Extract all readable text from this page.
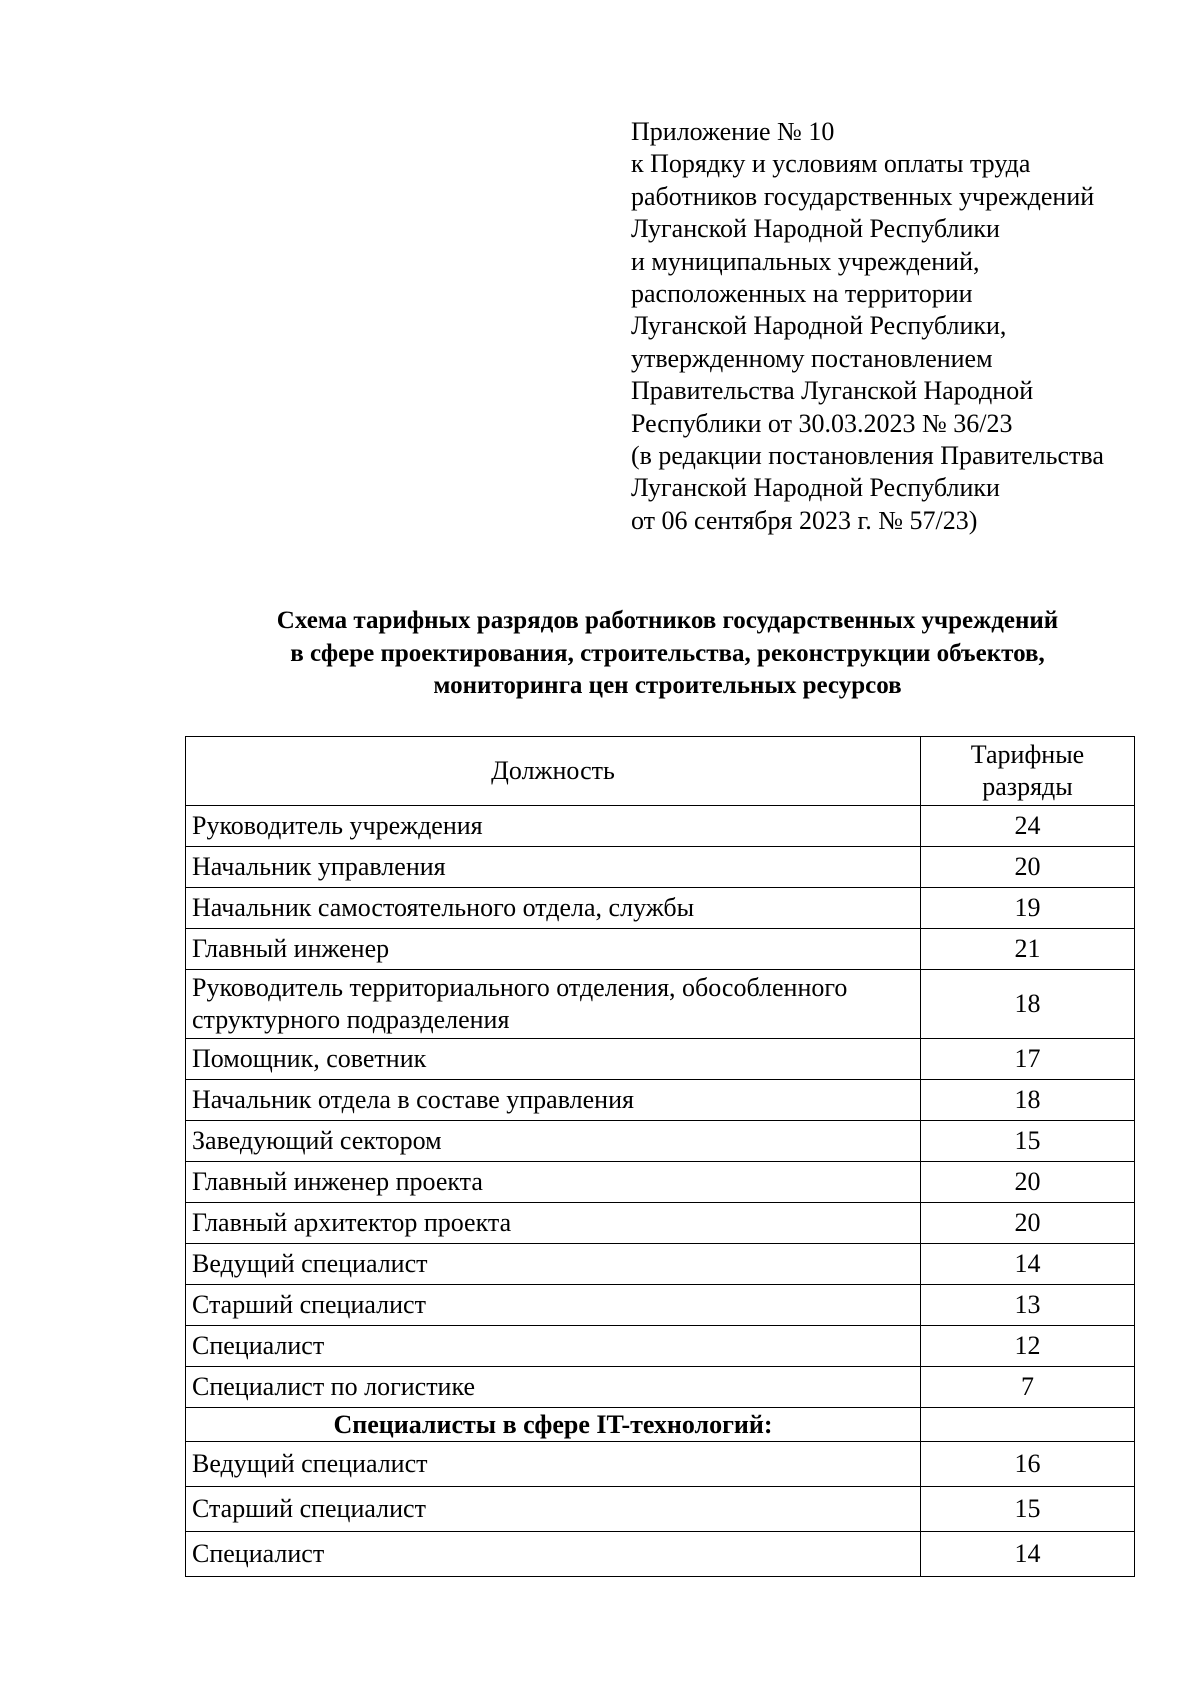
Приложение № 10
к Порядку и условиям оплаты труда
работников государственных учреждений
Луганской Народной Республики
и муниципальных учреждений,
расположенных на территории
Луганской Народной Республики,
утвержденному постановлением
Правительства Луганской Народной
Республики от 30.03.2023 № 36/23
(в редакции постановления Правительства
Луганской Народной Республики
от 06 сентября 2023 г. № 57/23)
Схема тарифных разрядов работников государственных учреждений
в сфере проектирования, строительства, реконструкции объектов,
мониторинга цен строительных ресурсов
Должность	Тарифные
разряды

Руководитель учреждения	24
Начальник управления	20
Начальник самостоятельного отдела, службы	19
Главный инженер	21

Руководитель территориального отделения, обособленного
структурного подразделения	18
Помощник, советник	17
Начальник отдела в составе управления	18
Заведующий сектором	15
Главный инженер проекта	20
Главный архитектор проекта	20
Ведущий специалист	14
Старший специалист	13
Специалист	12
Специалист по логистике	7
Специалисты в сфере IT-технологий:	
Ведущий специалист	16
Старший специалист	15
Специалист	14
